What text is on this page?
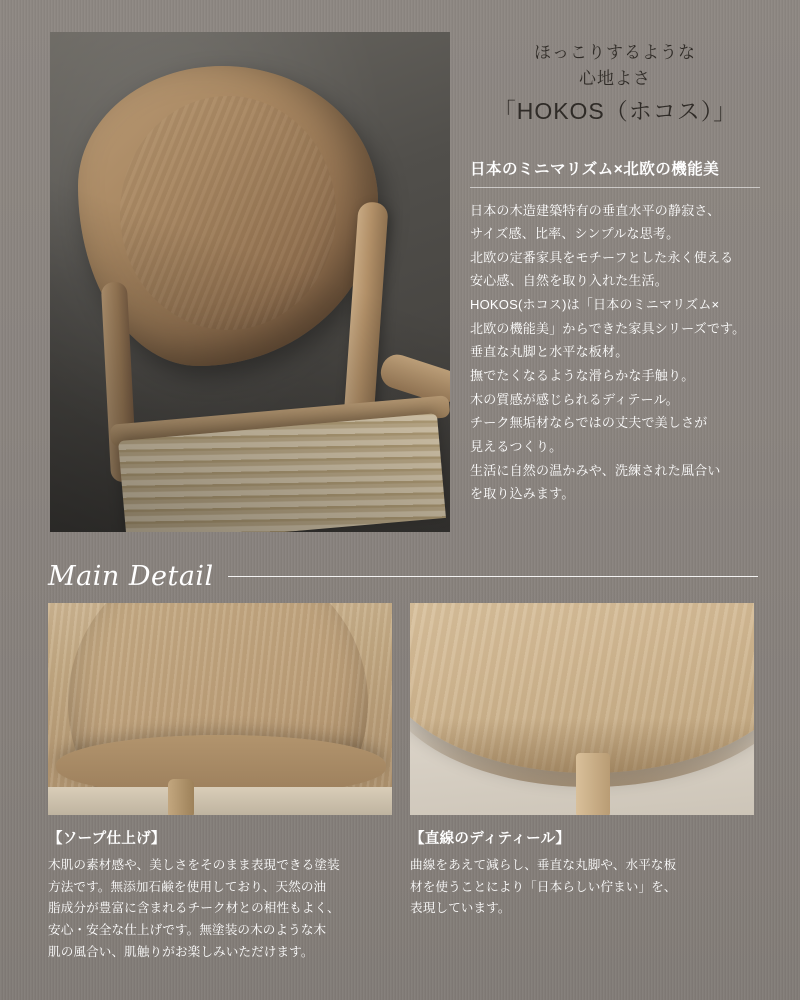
ほっこりするような
心地よさ
「HOKOS（ホコス）」
日本のミニマリズム×北欧の機能美

日本の木造建築特有の垂直水平の静寂さ、

サイズ感、比率、シンプルな思考。

北欧の定番家具をモチーフとした永く使える

安心感、自然を取り入れた生活。

HOKOS(ホコス)は「日本のミニマリズム×

北欧の機能美」からできた家具シリーズです。

垂直な丸脚と水平な板材。

撫でたくなるような滑らかな手触り。

木の質感が感じられるディテール。

チーク無垢材ならではの丈夫で美しさが

見えるつくり。

生活に自然の温かみや、洗練された風合い

を取り込みます。

Main Detail
【ソープ仕上げ】

木肌の素材感や、美しさをそのまま表現できる塗装

方法です。無添加石鹸を使用しており、天然の油

脂成分が豊富に含まれるチーク材との相性もよく、

安心・安全な仕上げです。無塗装の木のような木

肌の風合い、肌触りがお楽しみいただけます。

【直線のディティール】

曲線をあえて減らし、垂直な丸脚や、水平な板

材を使うことにより「日本らしい佇まい」を、

表現しています。
